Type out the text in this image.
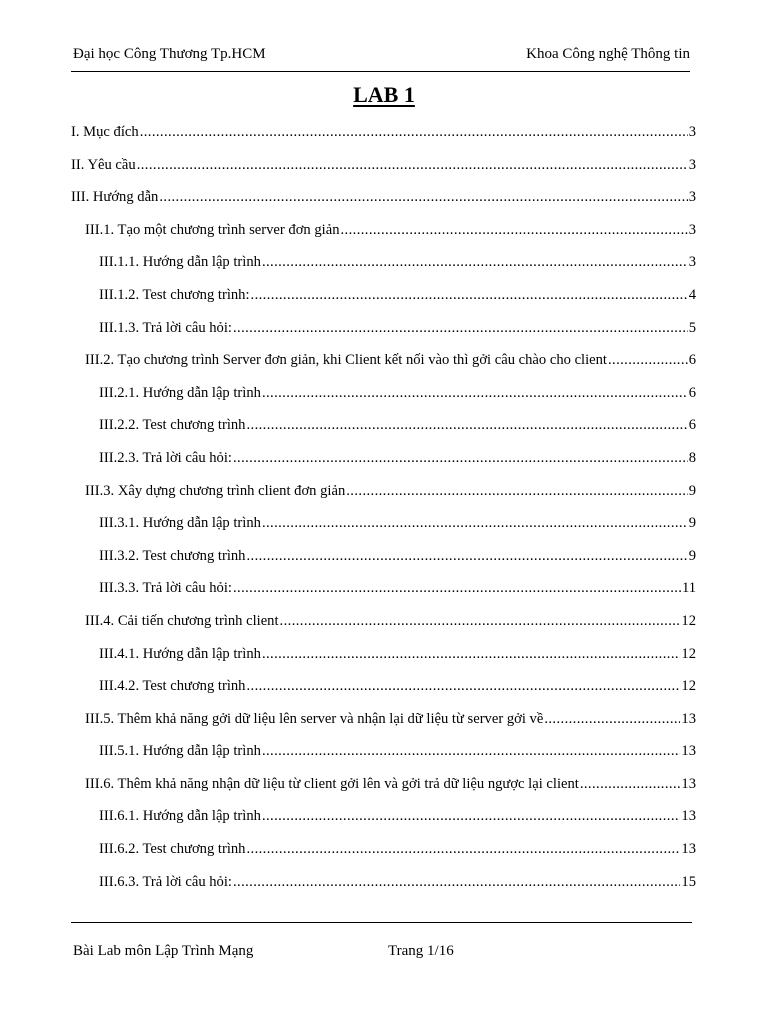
Đại học Công Thương Tp.HCM	Khoa Công nghệ Thông tin
LAB 1
I. Mục đích .....	3
II. Yêu cầu .....	3
III. Hướng dẫn .....	3
III.1. Tạo một chương trình server đơn giản .....	3
III.1.1. Hướng dẫn lập trình .....	3
III.1.2. Test chương trình: .....	4
III.1.3. Trả lời câu hỏi: .....	5
III.2. Tạo chương trình Server đơn giản, khi Client kết nối vào thì gởi câu chào cho client .....	6
III.2.1. Hướng dẫn lập trình .....	6
III.2.2. Test chương trình .....	6
III.2.3. Trả lời câu hỏi: .....	8
III.3. Xây dựng chương trình client đơn giản .....	9
III.3.1. Hướng dẫn lập trình .....	9
III.3.2. Test chương trình .....	9
III.3.3. Trả lời câu hỏi: .....	11
III.4. Cải tiến chương trình client .....	12
III.4.1. Hướng dẫn lập trình .....	12
III.4.2. Test chương trình .....	12
III.5. Thêm khả năng gởi dữ liệu lên server và nhận lại dữ liệu từ server gởi về .....	13
III.5.1. Hướng dẫn lập trình .....	13
III.6. Thêm khả năng nhận dữ liệu từ client gởi lên và gởi trả dữ liệu ngược lại client .....	13
III.6.1. Hướng dẫn lập trình .....	13
III.6.2. Test chương trình .....	13
III.6.3. Trả lời câu hỏi: .....	15
Bài Lab môn Lập Trình Mạng	Trang 1/16
